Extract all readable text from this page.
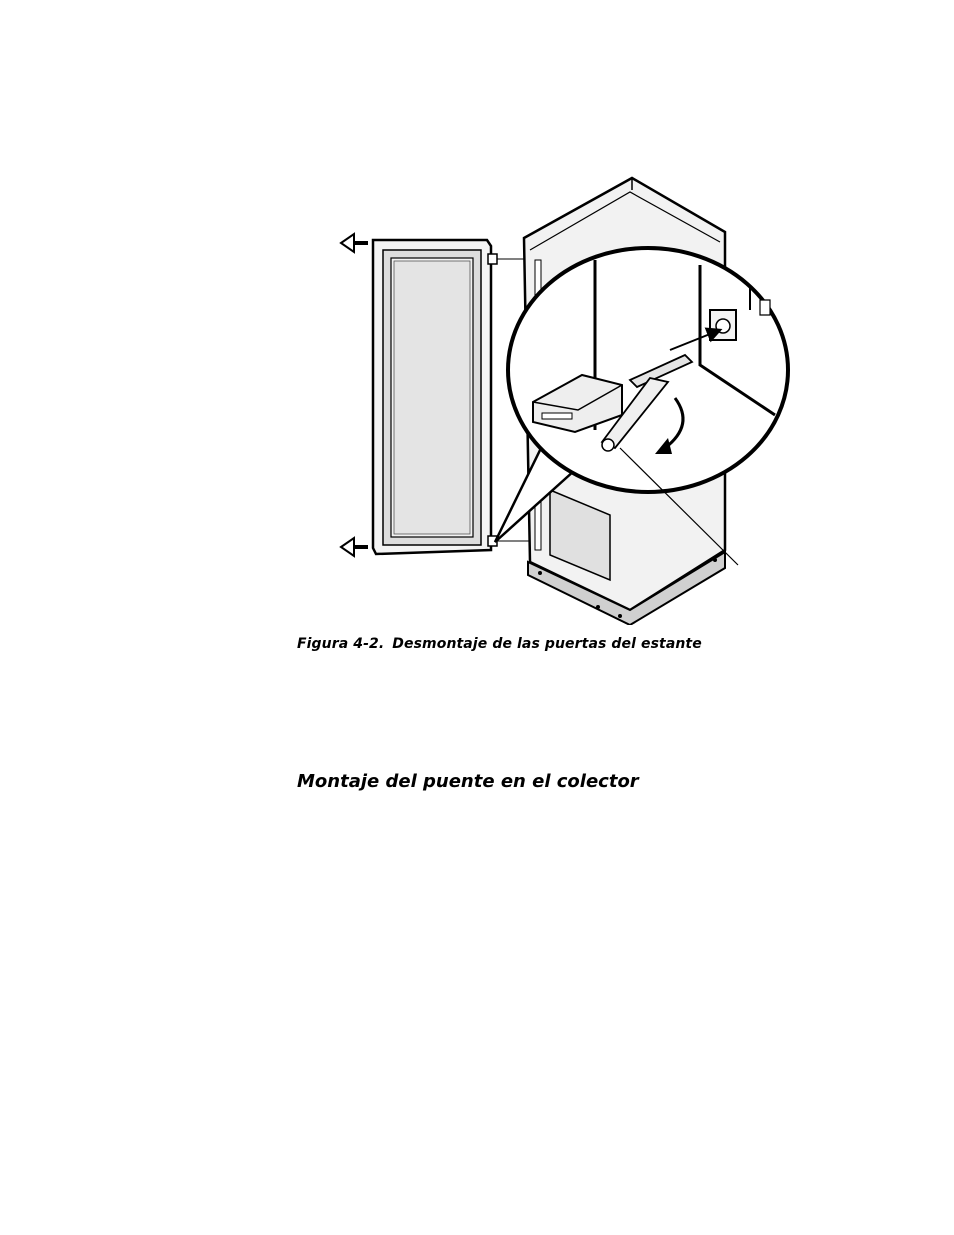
Figura 4-2. Desmontaje de las puertas del estante
Montaje del puente en el colector
